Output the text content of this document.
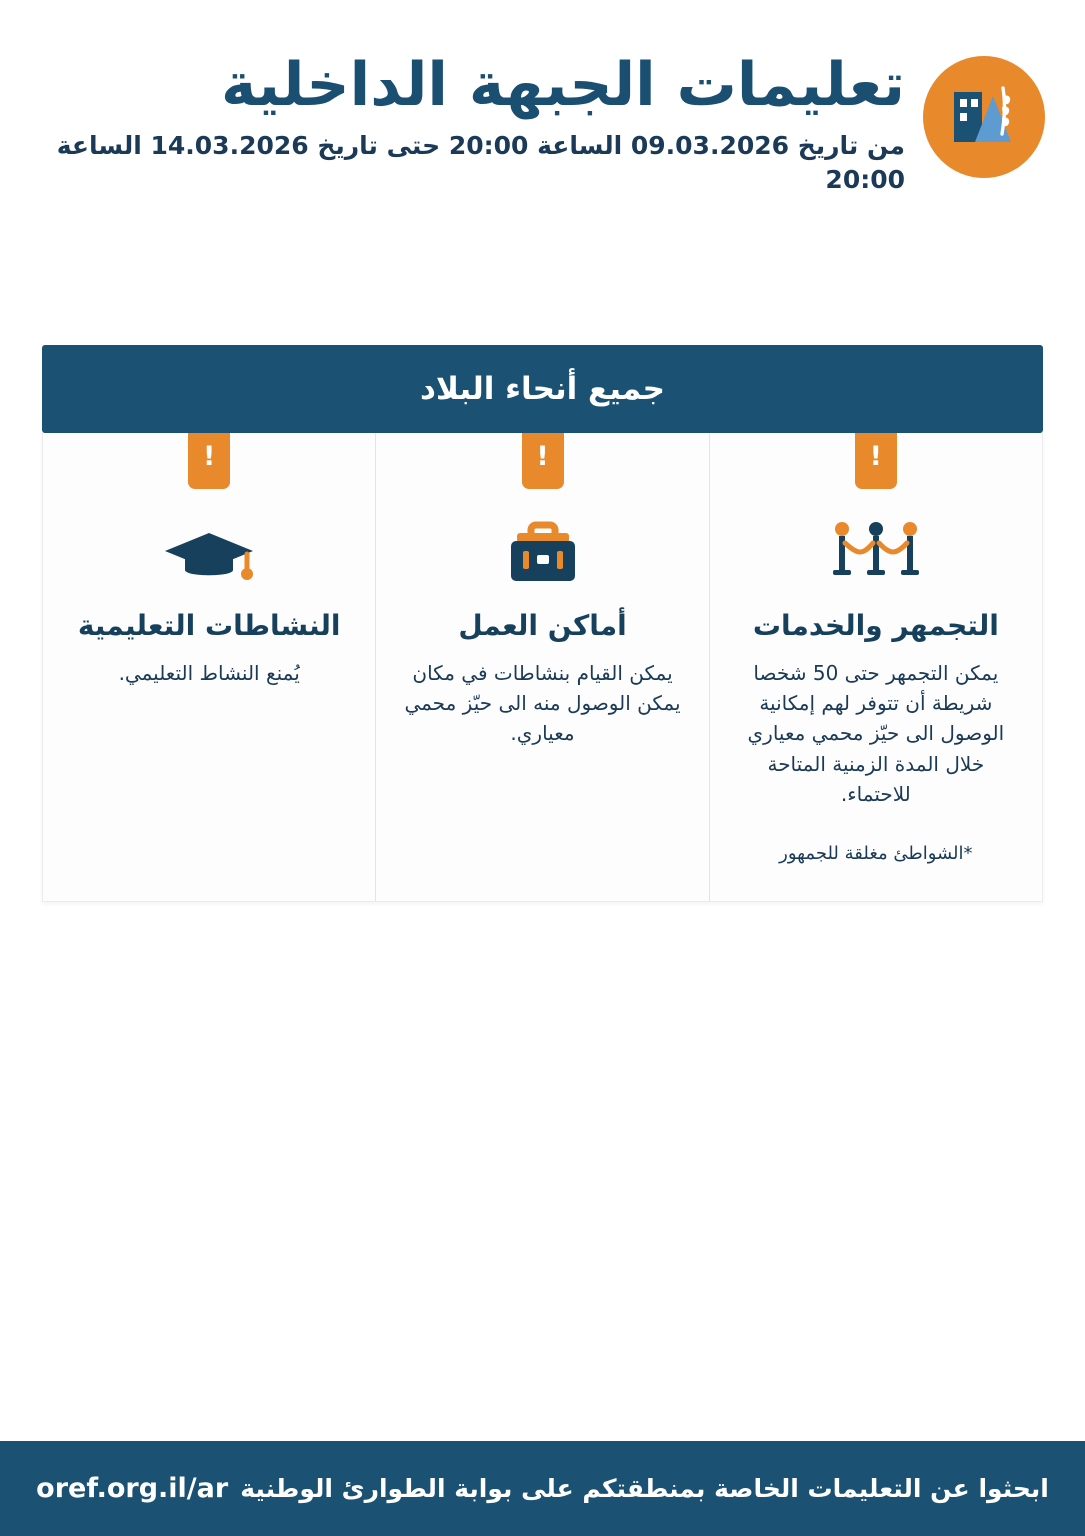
تعليمات الجبهة الداخلية
من تاريخ 09.03.2026 الساعة 20:00 حتى تاريخ 14.03.2026 الساعة 20:00
جميع أنحاء البلاد
!
التجمهر والخدمات
يمكن التجمهر حتى 50 شخصا شريطة أن تتوفر لهم إمكانية الوصول الى حيّز محمي معياري خلال المدة الزمنية المتاحة للاحتماء.
*الشواطئ مغلقة للجمهور
!
أماكن العمل
يمكن القيام بنشاطات في مكان يمكن الوصول منه الى حيّز محمي معياري.
!
النشاطات التعليمية
يُمنع النشاط التعليمي.
ابحثوا عن التعليمات الخاصة بمنطقتكم على بوابة الطوارئ الوطنية
oref.org.il/ar
